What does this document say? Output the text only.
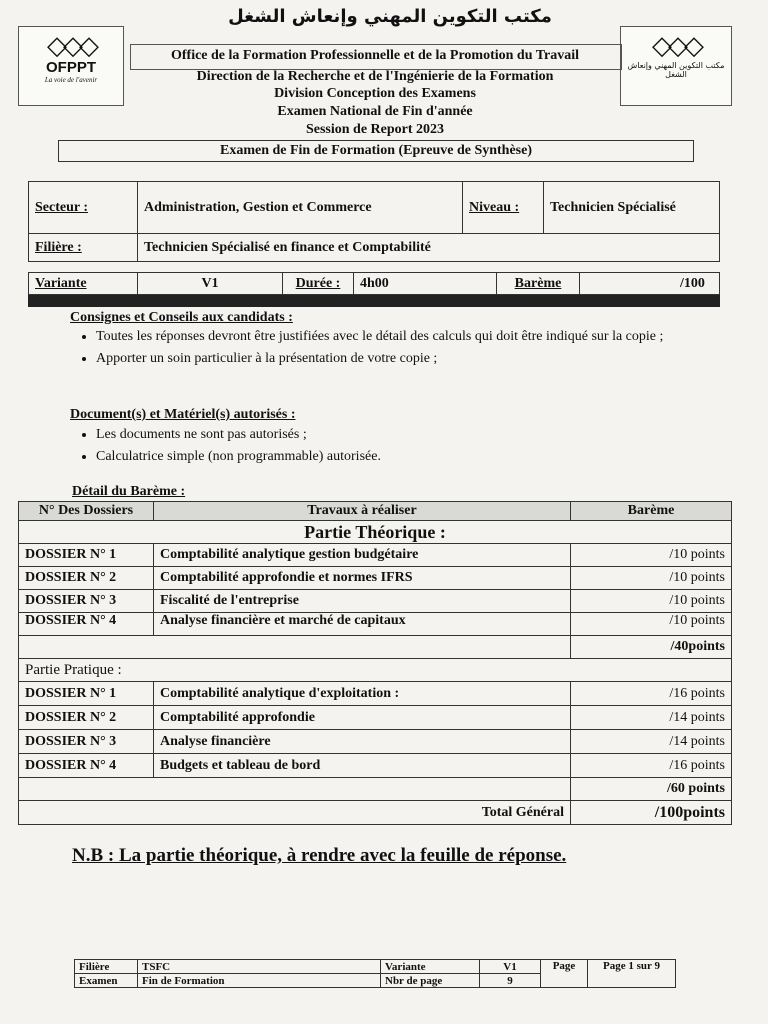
مكتب التكوين المهني وإنعاش الشغل
◇◇◇
OFPPT
La voie de l'avenir
◇◇◇
مكتب التكوين المهني وإنعاش الشغل
Office de la Formation Professionnelle et de la Promotion du Travail
Direction de la Recherche et de l'Ingénierie de la Formation
Division Conception des Examens
Examen National de Fin d'année
Session de Report 2023
Examen de Fin de Formation (Epreuve de Synthèse)
Secteur :	Administration, Gestion et Commerce	Niveau :	Technicien Spécialisé
Filière :	Technicien Spécialisé en finance et Comptabilité		
Variante	V1	Durée :	4h00	Barème	/100
Consignes et Conseils aux candidats :
• Toutes les réponses devront être justifiées avec le détail des calculs qui doit être indiqué sur la copie ;
• Apporter un soin particulier à la présentation de votre copie ;
Document(s) et Matériel(s) autorisés :
• Les documents ne sont pas autorisés ;
• Calculatrice simple (non programmable) autorisée.
Détail du Barème :
N° Des Dossiers	Travaux à réaliser	Barème
Partie Théorique :		
DOSSIER N° 1	Comptabilité analytique gestion budgétaire	/10 points
DOSSIER N° 2	Comptabilité approfondie et normes IFRS	/10 points
DOSSIER N° 3	Fiscalité de l'entreprise	/10 points
DOSSIER N° 4	Analyse financière et marché de capitaux	/10 points
		/40points
Partie Pratique :		
DOSSIER N° 1	Comptabilité analytique d'exploitation :	/16 points
DOSSIER N° 2	Comptabilité approfondie	/14 points
DOSSIER N° 3	Analyse financière	/14 points
DOSSIER N° 4	Budgets et tableau de bord	/16 points
		/60 points
Total Général		/100points
N.B : La partie théorique, à rendre avec la feuille de réponse.
Filière	TSFC	Variante	V1	Page	Page 1 sur 9
Examen	Fin de Formation	Nbr de page	9		
